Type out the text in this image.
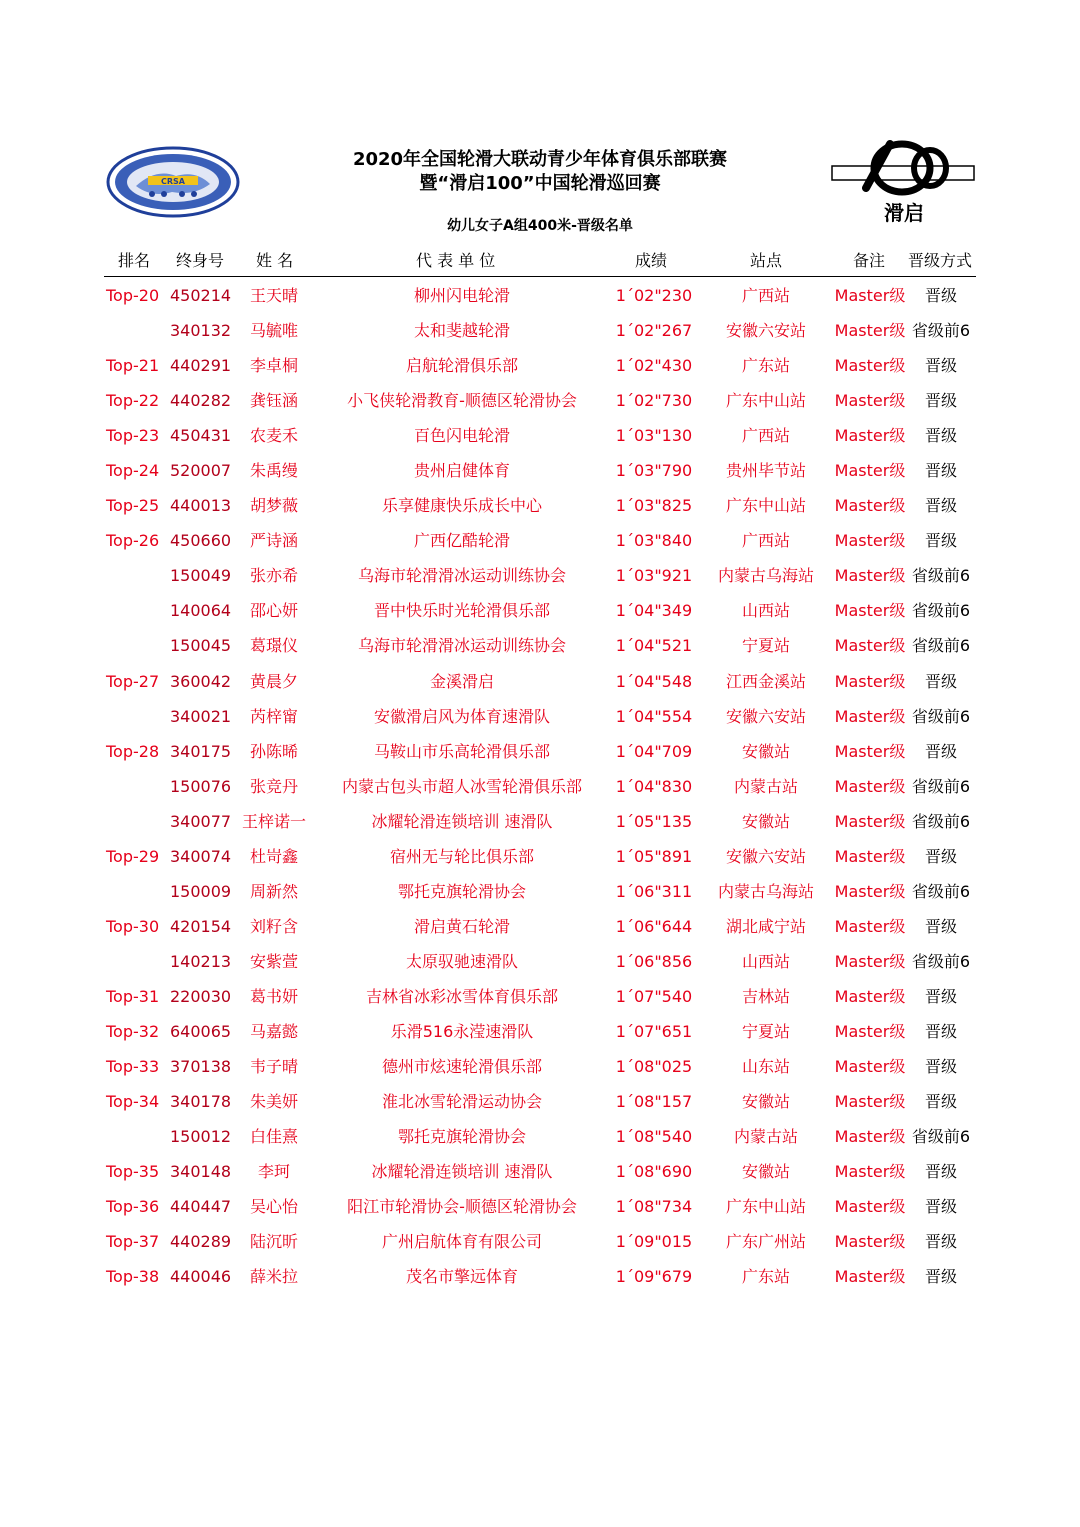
CRSA
滑启
2020年全国轮滑大联动青少年体育俱乐部联赛
暨“滑启100”中国轮滑巡回赛
幼儿女子A组400米-晋级名单
排名 终身号 姓 名	代 表 单 位	成绩	站点	备注 晋级方式
Top-20 450214	王天晴	柳州闪电轮滑	1΄02"230	广西站	Master级	晋级
340132	马毓唯	太和斐越轮滑	1΄02"267	安徽六安站	Master级 省级前6
Top-21 440291	李卓桐	启航轮滑俱乐部	1΄02"430	广东站	Master级	晋级
Top-22 440282	龚钰涵	小飞侠轮滑教育-顺德区轮滑协会	1΄02"730	广东中山站	Master级	晋级
Top-23 450431	农麦禾	百色闪电轮滑	1΄03"130	广西站	Master级	晋级
Top-24 520007	朱禹缦	贵州启健体育	1΄03"790	贵州毕节站	Master级	晋级
Top-25 440013	胡梦薇	乐享健康快乐成长中心	1΄03"825	广东中山站	Master级	晋级
Top-26 450660	严诗涵	广西亿酷轮滑	1΄03"840	广西站	Master级	晋级
150049	张亦希	乌海市轮滑滑冰运动训练协会	1΄03"921	内蒙古乌海站	Master级 省级前6
140064	邵心妍	晋中快乐时光轮滑俱乐部	1΄04"349	山西站	Master级 省级前6
150045	葛璟仪	乌海市轮滑滑冰运动训练协会	1΄04"521	宁夏站	Master级 省级前6
Top-27 360042	黄晨夕	金溪滑启	1΄04"548	江西金溪站	Master级	晋级
340021	芮梓甯	安徽滑启风为体育速滑队	1΄04"554	安徽六安站	Master级 省级前6
Top-28 340175	孙陈晞	马鞍山市乐高轮滑俱乐部	1΄04"709	安徽站	Master级	晋级
150076	张竞丹	内蒙古包头市超人冰雪轮滑俱乐部	1΄04"830	内蒙古站	Master级 省级前6
340077 王梓诺一	冰耀轮滑连锁培训 速滑队	1΄05"135	安徽站	Master级 省级前6
Top-29 340074	杜岢鑫	宿州无与轮比俱乐部	1΄05"891	安徽六安站	Master级	晋级
150009	周新然	鄂托克旗轮滑协会	1΄06"311	内蒙古乌海站	Master级 省级前6
Top-30 420154	刘籽含	滑启黄石轮滑	1΄06"644	湖北咸宁站	Master级	晋级
140213	安紫萱	太原驭驰速滑队	1΄06"856	山西站	Master级 省级前6
Top-31 220030	葛书妍	吉林省冰彩冰雪体育俱乐部	1΄07"540	吉林站	Master级	晋级
Top-32 640065	马嘉懿	乐滑516永滢速滑队	1΄07"651	宁夏站	Master级	晋级
Top-33 370138	韦子晴	德州市炫速轮滑俱乐部	1΄08"025	山东站	Master级	晋级
Top-34 340178	朱美妍	淮北冰雪轮滑运动协会	1΄08"157	安徽站	Master级	晋级
150012	白佳熹	鄂托克旗轮滑协会	1΄08"540	内蒙古站	Master级 省级前6
Top-35 340148	李珂	冰耀轮滑连锁培训 速滑队	1΄08"690	安徽站	Master级	晋级
Top-36 440447	吴心怡	阳江市轮滑协会-顺德区轮滑协会	1΄08"734	广东中山站	Master级	晋级
Top-37 440289	陆沉昕	广州启航体育有限公司	1΄09"015	广东广州站	Master级	晋级
Top-38 440046	薛米拉	茂名市擎远体育	1΄09"679	广东站	Master级	晋级
